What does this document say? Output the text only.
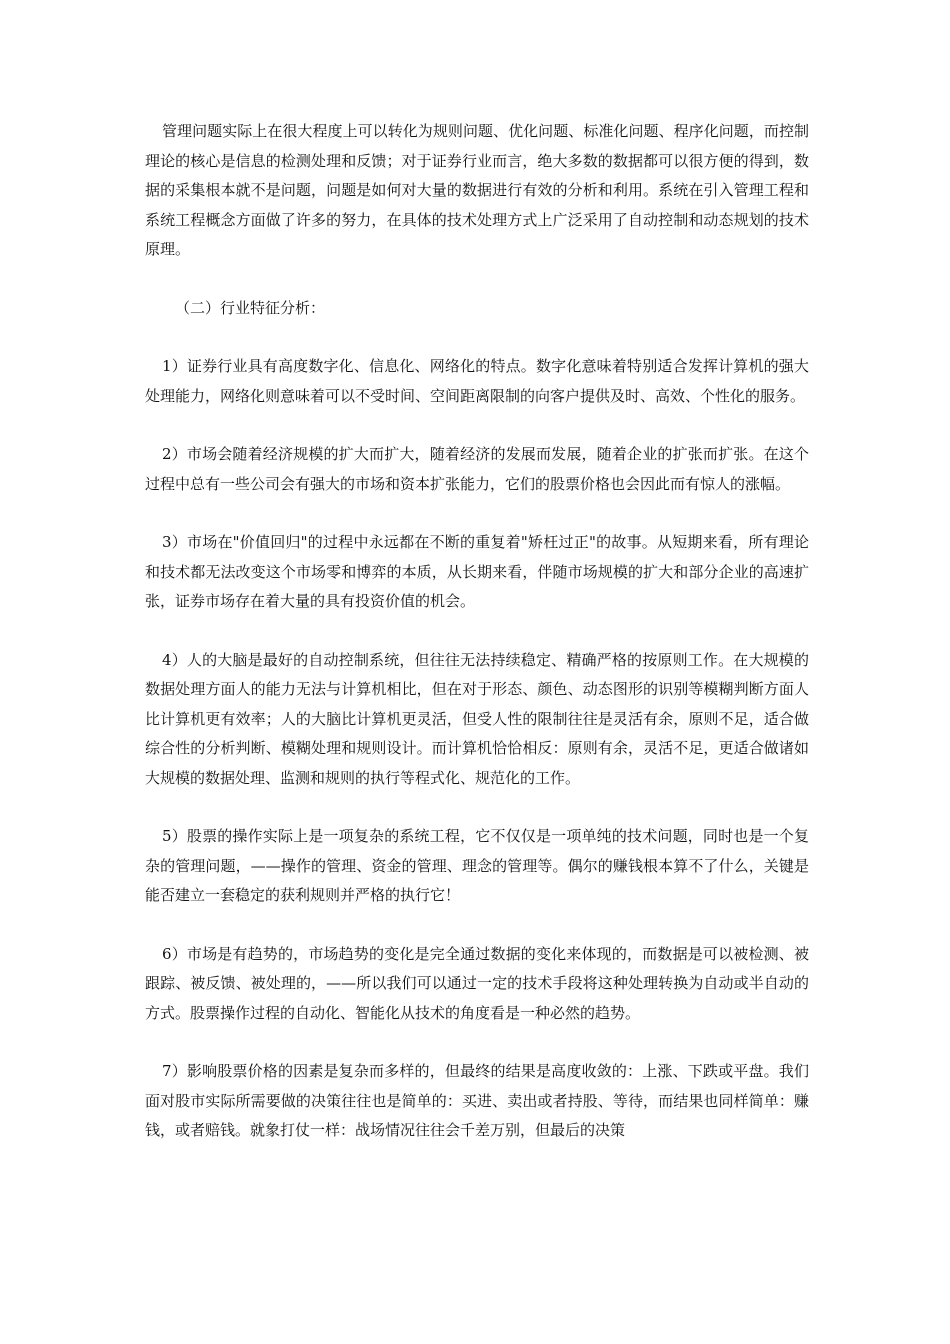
管理问题实际上在很大程度上可以转化为规则问题、优化问题、标准化问题、程序化问题，而控制理论的核心是信息的检测处理和反馈；对于证券行业而言，绝大多数的数据都可以很方便的得到，数据的采集根本就不是问题，问题是如何对大量的数据进行有效的分析和利用。系统在引入管理工程和系统工程概念方面做了许多的努力，在具体的技术处理方式上广泛采用了自动控制和动态规划的技术原理。

（二）行业特征分析：

1）证券行业具有高度数字化、信息化、网络化的特点。数字化意味着特别适合发挥计算机的强大处理能力，网络化则意味着可以不受时间、空间距离限制的向客户提供及时、高效、个性化的服务。

2）市场会随着经济规模的扩大而扩大，随着经济的发展而发展，随着企业的扩张而扩张。在这个过程中总有一些公司会有强大的市场和资本扩张能力，它们的股票价格也会因此而有惊人的涨幅。

3）市场在"价值回归"的过程中永远都在不断的重复着"矫枉过正"的故事。从短期来看，所有理论和技术都无法改变这个市场零和博弈的本质，从长期来看，伴随市场规模的扩大和部分企业的高速扩张，证券市场存在着大量的具有投资价值的机会。

4）人的大脑是最好的自动控制系统，但往往无法持续稳定、精确严格的按原则工作。在大规模的数据处理方面人的能力无法与计算机相比，但在对于形态、颜色、动态图形的识别等模糊判断方面人比计算机更有效率；人的大脑比计算机更灵活，但受人性的限制往往是灵活有余，原则不足，适合做综合性的分析判断、模糊处理和规则设计。而计算机恰恰相反：原则有余，灵活不足，更适合做诸如大规模的数据处理、监测和规则的执行等程式化、规范化的工作。

5）股票的操作实际上是一项复杂的系统工程，它不仅仅是一项单纯的技术问题，同时也是一个复杂的管理问题，——操作的管理、资金的管理、理念的管理等。偶尔的赚钱根本算不了什么，关键是能否建立一套稳定的获利规则并严格的执行它！

6）市场是有趋势的，市场趋势的变化是完全通过数据的变化来体现的，而数据是可以被检测、被跟踪、被反馈、被处理的，——所以我们可以通过一定的技术手段将这种处理转换为自动或半自动的方式。股票操作过程的自动化、智能化从技术的角度看是一种必然的趋势。

7）影响股票价格的因素是复杂而多样的，但最终的结果是高度收敛的：上涨、下跌或平盘。我们面对股市实际所需要做的决策往往也是简单的：买进、卖出或者持股、等待，而结果也同样简单：赚钱，或者赔钱。就象打仗一样：战场情况往往会千差万别，但最后的决策
